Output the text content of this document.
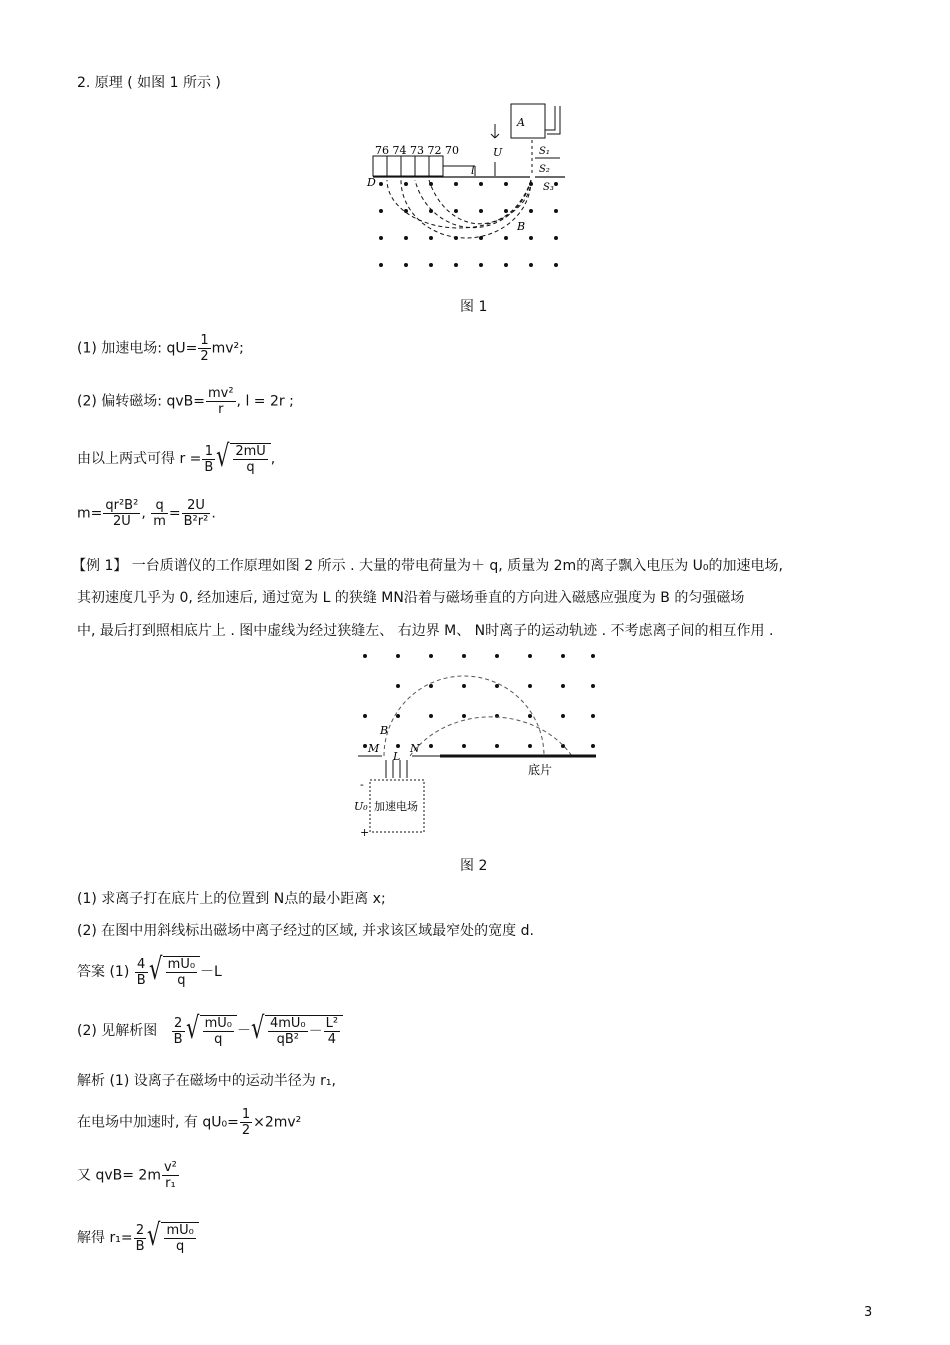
2. 原理 ( 如图 1 所示 )
76 74 73 72 70
A
U
l
D
B
S₁
S₂
S₃
图 1
(1) 加速电场: $qU= \frac{1}{2} mv^2$;
(2) 偏转磁场: $qvB= \frac{\text{mv²}}{r}$ , l = 2r ;
由以上两式可得 $r = \frac{1}{B}$ √ $\frac{2mU}{q}$ ,
$m= \frac{\text{qr²B²}}{2U}$ , $\frac{q}{m} = \frac{2U}{\text{B²r²}}$ .
【例 1】 一台质谱仪的工作原理如图 2 所示 . 大量的带电荷量为＋ q, 质量为 2m的离子飘入电压为 U₀的加速电场,
其初速度几乎为 0, 经加速后, 通过宽为 L 的狭缝 MN沿着与磁场垂直的方向进入磁感应强度为 B 的匀强磁场
中, 最后打到照相底片上 . 图中虚线为经过狭缝左、 右边界 M、 N时离子的运动轨迹 . 不考虑离子间的相互作用 .
B
M
L
N
底片
U₀ 加速电场
-
+
图 2
(1) 求离子打在底片上的位置到 N点的最小距离 x;
(2) 在图中用斜线标出磁场中离子经过的区域, 并求该区域最窄处的宽度 d.
答案 $(1) \frac{4}{B}$ √ $\frac{\text{mU₀}}{q} -L$
(2) 见解析图 $\frac{2}{B}$ √ $\frac{\text{mU₀}}{q}$ － √ $\frac{\text{4mU₀}}{\text{qB²}} - \frac{\text{L²}}{4}$
解析 (1) 设离子在磁场中的运动半径为 r₁,
在电场中加速时, 有 $qU_0= \frac{1}{2} \times 2mv^2$
又 $qvB= 2m \frac{\text{v²}}{\text{r₁}}$
解得 $r_1= \frac{2}{B}$ √ $\frac{\text{mU₀}}{q}$
3
